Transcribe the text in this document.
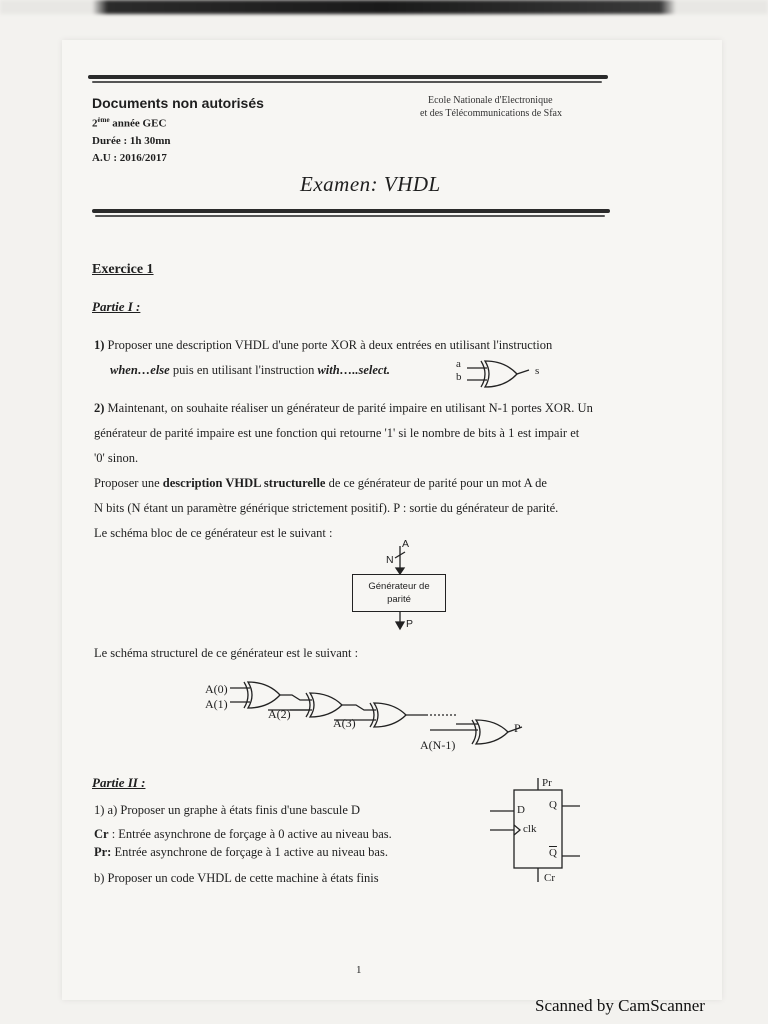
Documents non autorisés
2ème année GEC
Durée : 1h 30mn
A.U : 2016/2017
Ecole Nationale d'Electronique
et des Télécommunications de Sfax
Examen: VHDL
Exercice 1
Partie I :
1) Proposer une description VHDL d'une porte XOR à deux entrées en utilisant l'instruction
when…else puis en utilisant l'instruction with…..select.	a
b	s
2) Maintenant, on souhaite réaliser un générateur de parité impaire en utilisant N-1 portes XOR. Un
générateur de parité impaire est une fonction qui retourne '1' si le nombre de bits à 1 est impair et
'0' sinon.
Proposer une description VHDL structurelle de ce générateur de parité pour un mot A de
N bits (N étant un paramètre générique strictement positif). P : sortie du générateur de parité.
Le schéma bloc de ce générateur est le suivant :
A
N
Générateur de
parité
P
Le schéma structurel de ce générateur est le suivant :
A(0)
A(1)
A(2)
A(3)
A(N-1)
P
Partie II :
1) a) Proposer un graphe à états finis d'une bascule D
Cr : Entrée asynchrone de forçage à 0 active au niveau bas.
Pr: Entrée asynchrone de forçage à 1 active au niveau bas.
b) Proposer un code VHDL de cette machine à états finis
Pr
D
clk
Q
$\overline{Q}$
Cr
1
Scanned by CamScanner
